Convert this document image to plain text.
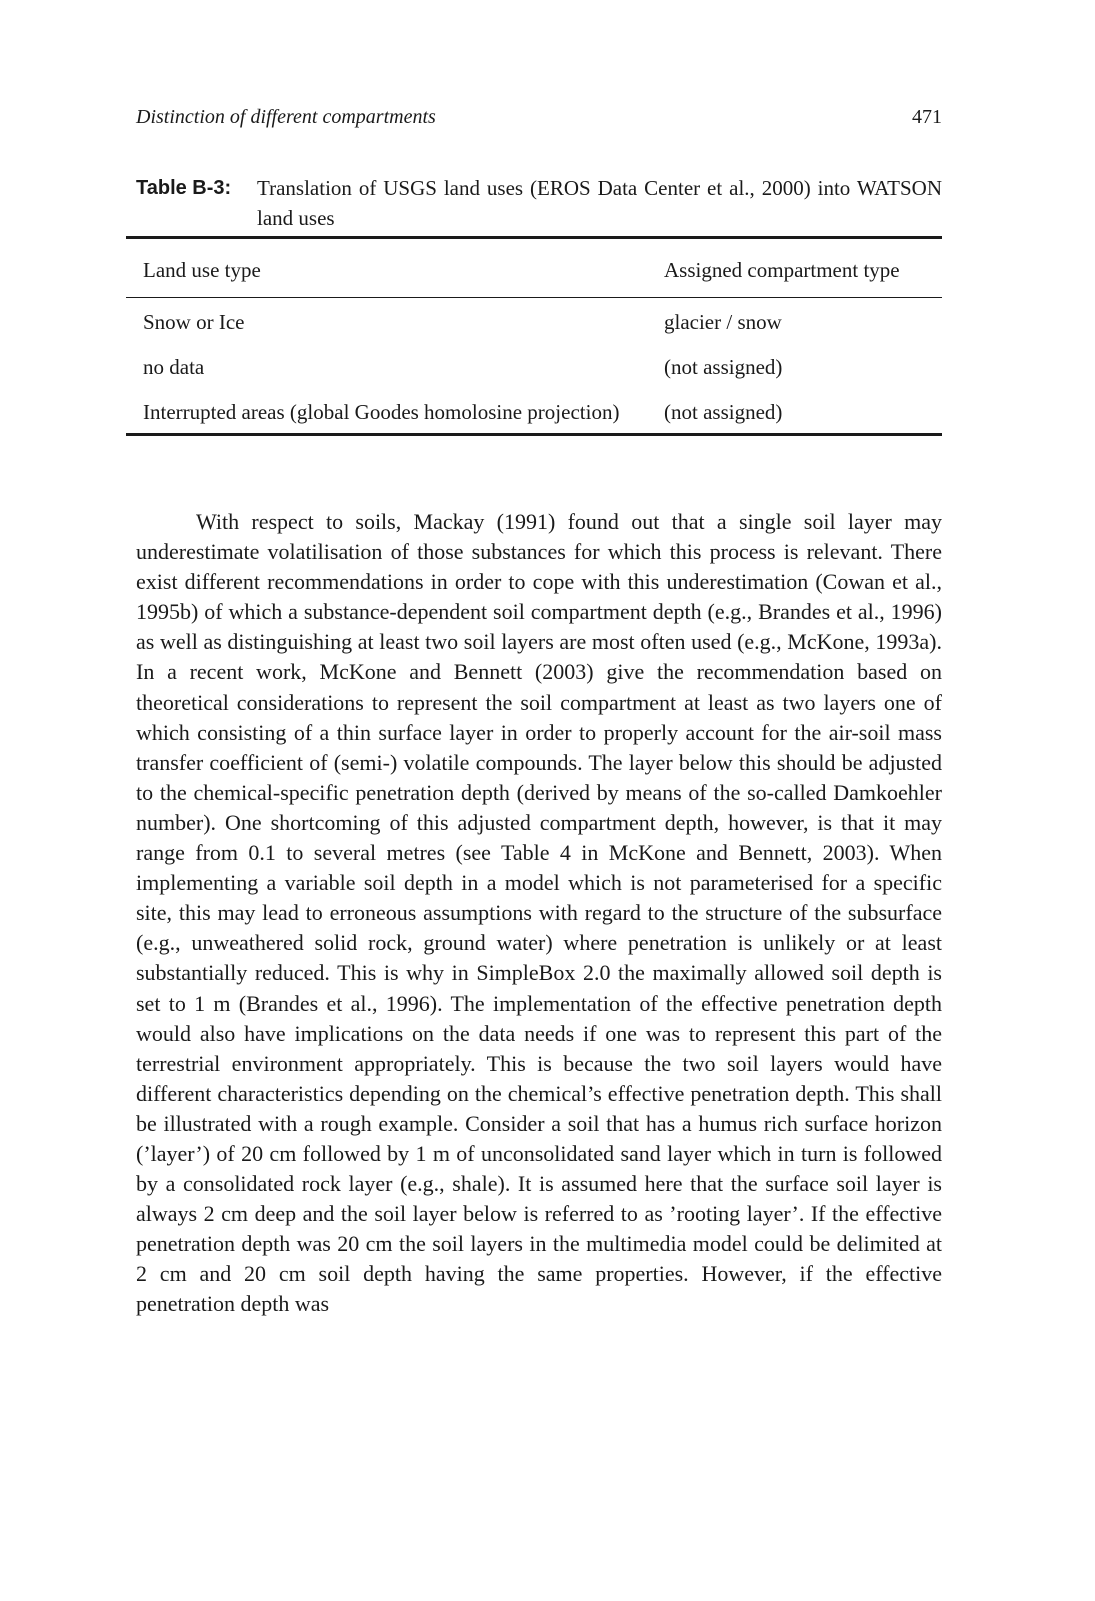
Distinction of different compartments	471
Table B-3: Translation of USGS land uses (EROS Data Center et al., 2000) into WATSON land uses
Land use type	Assigned compartment type
Snow or Ice	glacier / snow
no data	(not assigned)
Interrupted areas (global Goodes homolosine projection)	(not assigned)

With respect to soils, Mackay (1991) found out that a single soil layer may underestimate volatilisation of those substances for which this process is relevant. There exist different recommendations in order to cope with this underestimation (Cowan et al., 1995b) of which a substance-dependent soil compartment depth (e.g., Brandes et al., 1996) as well as distinguishing at least two soil layers are most often used (e.g., McKone, 1993a). In a recent work, McKone and Bennett (2003) give the recommendation based on theoretical considerations to represent the soil compartment at least as two layers one of which consisting of a thin surface layer in order to properly account for the air-soil mass transfer coefficient of (semi-) volatile compounds. The layer below this should be adjusted to the chemical-specific penetration depth (derived by means of the so-called Damkoehler number). One shortcoming of this adjusted compartment depth, however, is that it may range from 0.1 to several metres (see Table 4 in McKone and Bennett, 2003). When implementing a variable soil depth in a model which is not parameterised for a specific site, this may lead to erroneous assumptions with regard to the structure of the subsurface (e.g., unweathered solid rock, ground water) where penetration is unlikely or at least substantially reduced. This is why in SimpleBox 2.0 the maximally allowed soil depth is set to 1 m (Brandes et al., 1996). The implementation of the effective penetration depth would also have implications on the data needs if one was to represent this part of the terrestrial environment appropriately. This is because the two soil layers would have different characteristics depending on the chemical’s effective penetration depth. This shall be illustrated with a rough example. Consider a soil that has a humus rich surface horizon (’layer’) of 20 cm followed by 1 m of unconsolidated sand layer which in turn is followed by a consolidated rock layer (e.g., shale). It is assumed here that the surface soil layer is always 2 cm deep and the soil layer below is referred to as ’rooting layer’. If the effective penetration depth was 20 cm the soil layers in the multimedia model could be delimited at 2 cm and 20 cm soil depth having the same properties. However, if the effective penetration depth was
